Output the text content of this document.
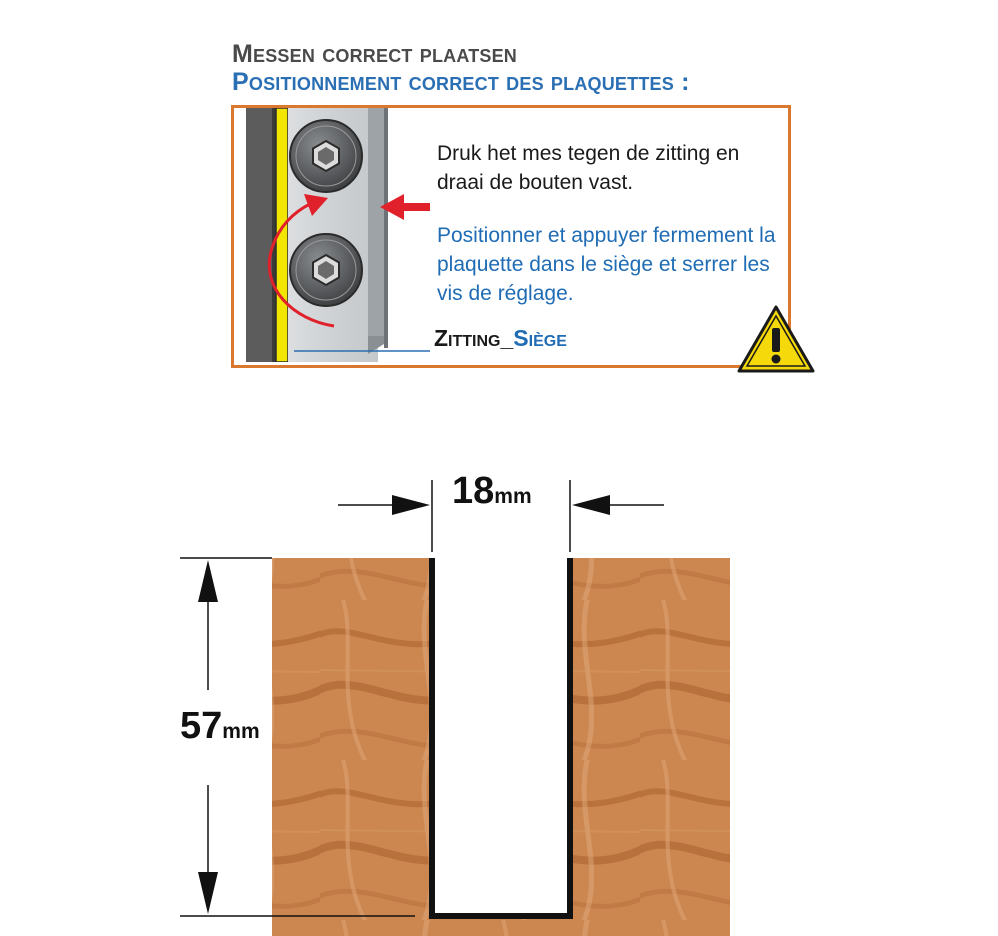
Messen correct plaatsen
Positionnement correct des plaquettes :
Druk het mes tegen de zitting en draai de bouten vast.
Positionner et appuyer fermement la plaquette dans le siège et serrer les vis de réglage.
Zitting_Siège
18mm
57mm
